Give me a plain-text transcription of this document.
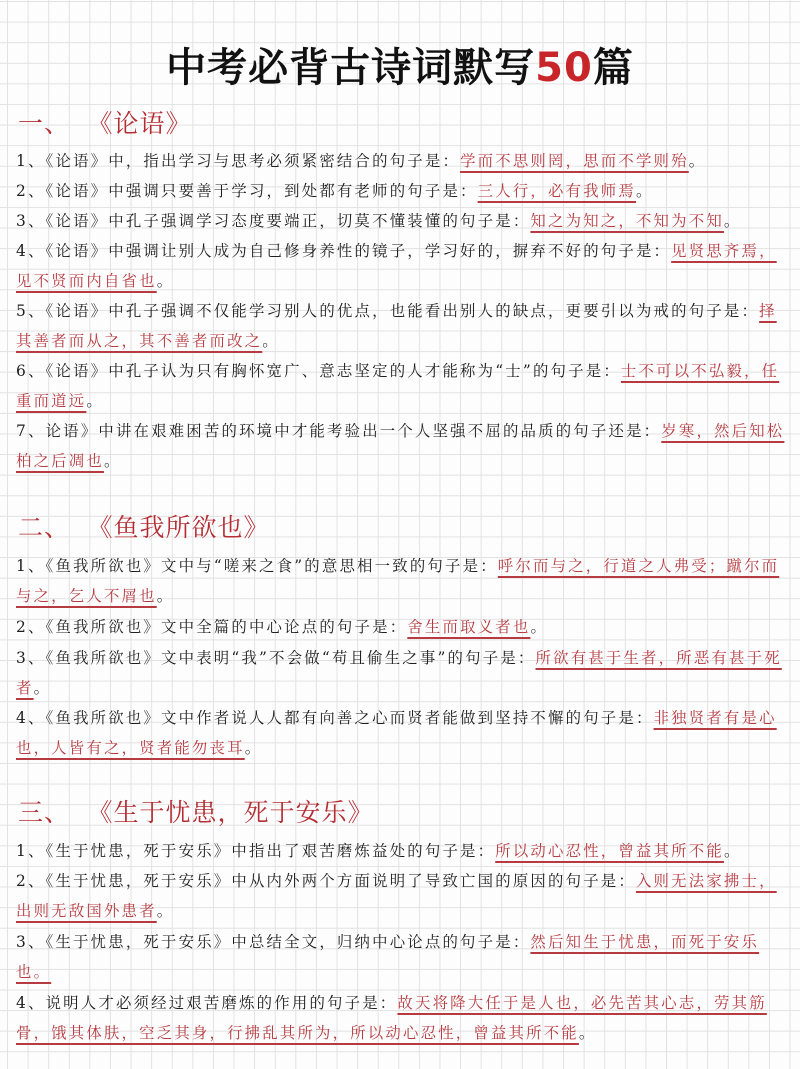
中考必背古诗词默写50篇
一、 《论语》
1、《论语》中，指出学习与思考必须紧密结合的句子是：学而不思则罔，思而不学则殆。
2、《论语》中强调只要善于学习，到处都有老师的句子是：三人行，必有我师焉。
3、《论语》中孔子强调学习态度要端正，切莫不懂装懂的句子是：知之为知之，不知为不知。
4、《论语》中强调让别人成为自己修身养性的镜子，学习好的，摒弃不好的句子是：见贤思齐焉，见不贤而内自省也。
5、《论语》中孔子强调不仅能学习别人的优点，也能看出别人的缺点，更要引以为戒的句子是：择其善者而从之，其不善者而改之。
6、《论语》中孔子认为只有胸怀宽广、意志坚定的人才能称为“士”的句子是：士不可以不弘毅，任重而道远。
7、论语》中讲在艰难困苦的环境中才能考验出一个人坚强不屈的品质的句子还是：岁寒，然后知松柏之后凋也。
二、 《鱼我所欲也》
1、《鱼我所欲也》文中与“嗟来之食”的意思相一致的句子是：呼尔而与之，行道之人弗受；蹴尔而与之，乞人不屑也。
2、《鱼我所欲也》文中全篇的中心论点的句子是：舍生而取义者也。
3、《鱼我所欲也》文中表明“我”不会做“苟且偷生之事”的句子是：所欲有甚于生者，所恶有甚于死者。
4、《鱼我所欲也》文中作者说人人都有向善之心而贤者能做到坚持不懈的句子是：非独贤者有是心也，人皆有之，贤者能勿丧耳。
三、 《生于忧患，死于安乐》
1、《生于忧患，死于安乐》中指出了艰苦磨炼益处的句子是：所以动心忍性，曾益其所不能。
2、《生于忧患，死于安乐》中从内外两个方面说明了导致亡国的原因的句子是：入则无法家拂士，出则无敌国外患者。
3、《生于忧患，死于安乐》中总结全文，归纳中心论点的句子是：然后知生于忧患，而死于安乐也。
4、说明人才必须经过艰苦磨炼的作用的句子是：故天将降大任于是人也，必先苦其心志，劳其筋骨，饿其体肤，空乏其身，行拂乱其所为，所以动心忍性，曾益其所不能。
